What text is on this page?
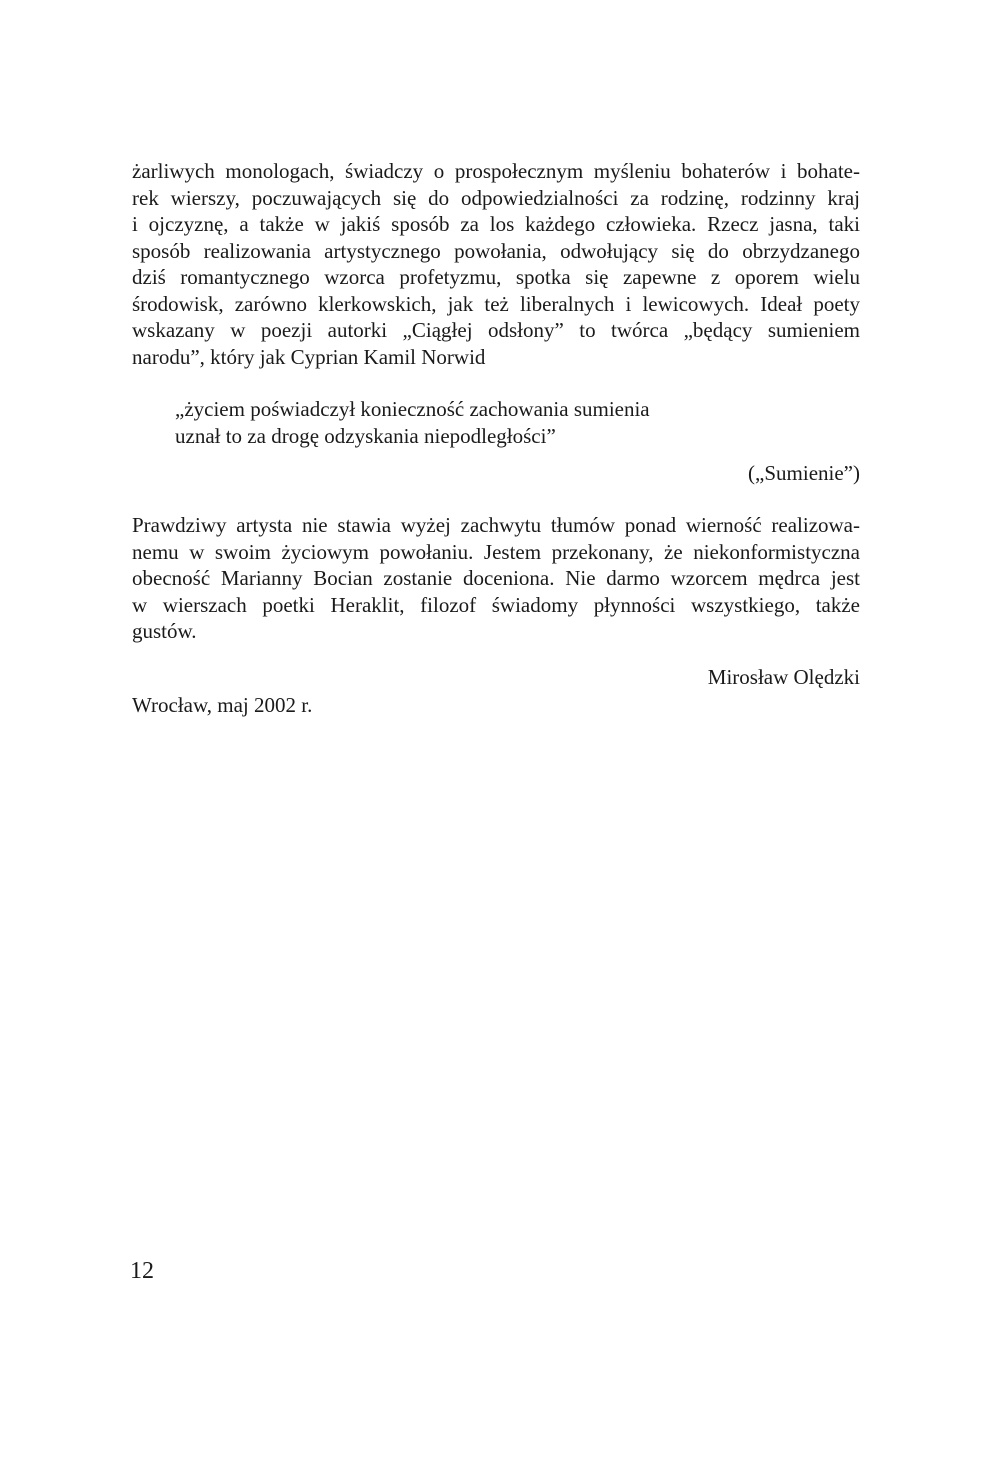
żarliwych monologach, świadczy o prospołecznym myśleniu bohaterów i bohate-
rek wierszy, poczuwających się do odpowiedzialności za rodzinę, rodzinny kraj
i ojczyznę, a także w jakiś sposób za los każdego człowieka. Rzecz jasna, taki
sposób realizowania artystycznego powołania, odwołujący się do obrzydzanego
dziś romantycznego wzorca profetyzmu, spotka się zapewne z oporem wielu
środowisk, zarówno klerkowskich, jak też liberalnych i lewicowych. Ideał poety
wskazany w poezji autorki „Ciągłej odsłony” to twórca „będący sumieniem
narodu”, który jak Cyprian Kamil Norwid
„życiem poświadczył konieczność zachowania sumienia
uznał to za drogę odzyskania niepodległości”
(„Sumienie”)
Prawdziwy artysta nie stawia wyżej zachwytu tłumów ponad wierność realizowa-
nemu w swoim życiowym powołaniu. Jestem przekonany, że niekonformistyczna
obecność Marianny Bocian zostanie doceniona. Nie darmo wzorcem mędrca jest
w wierszach poetki Heraklit, filozof świadomy płynności wszystkiego, także
gustów.
Mirosław Olędzki
Wrocław, maj 2002 r.
12
